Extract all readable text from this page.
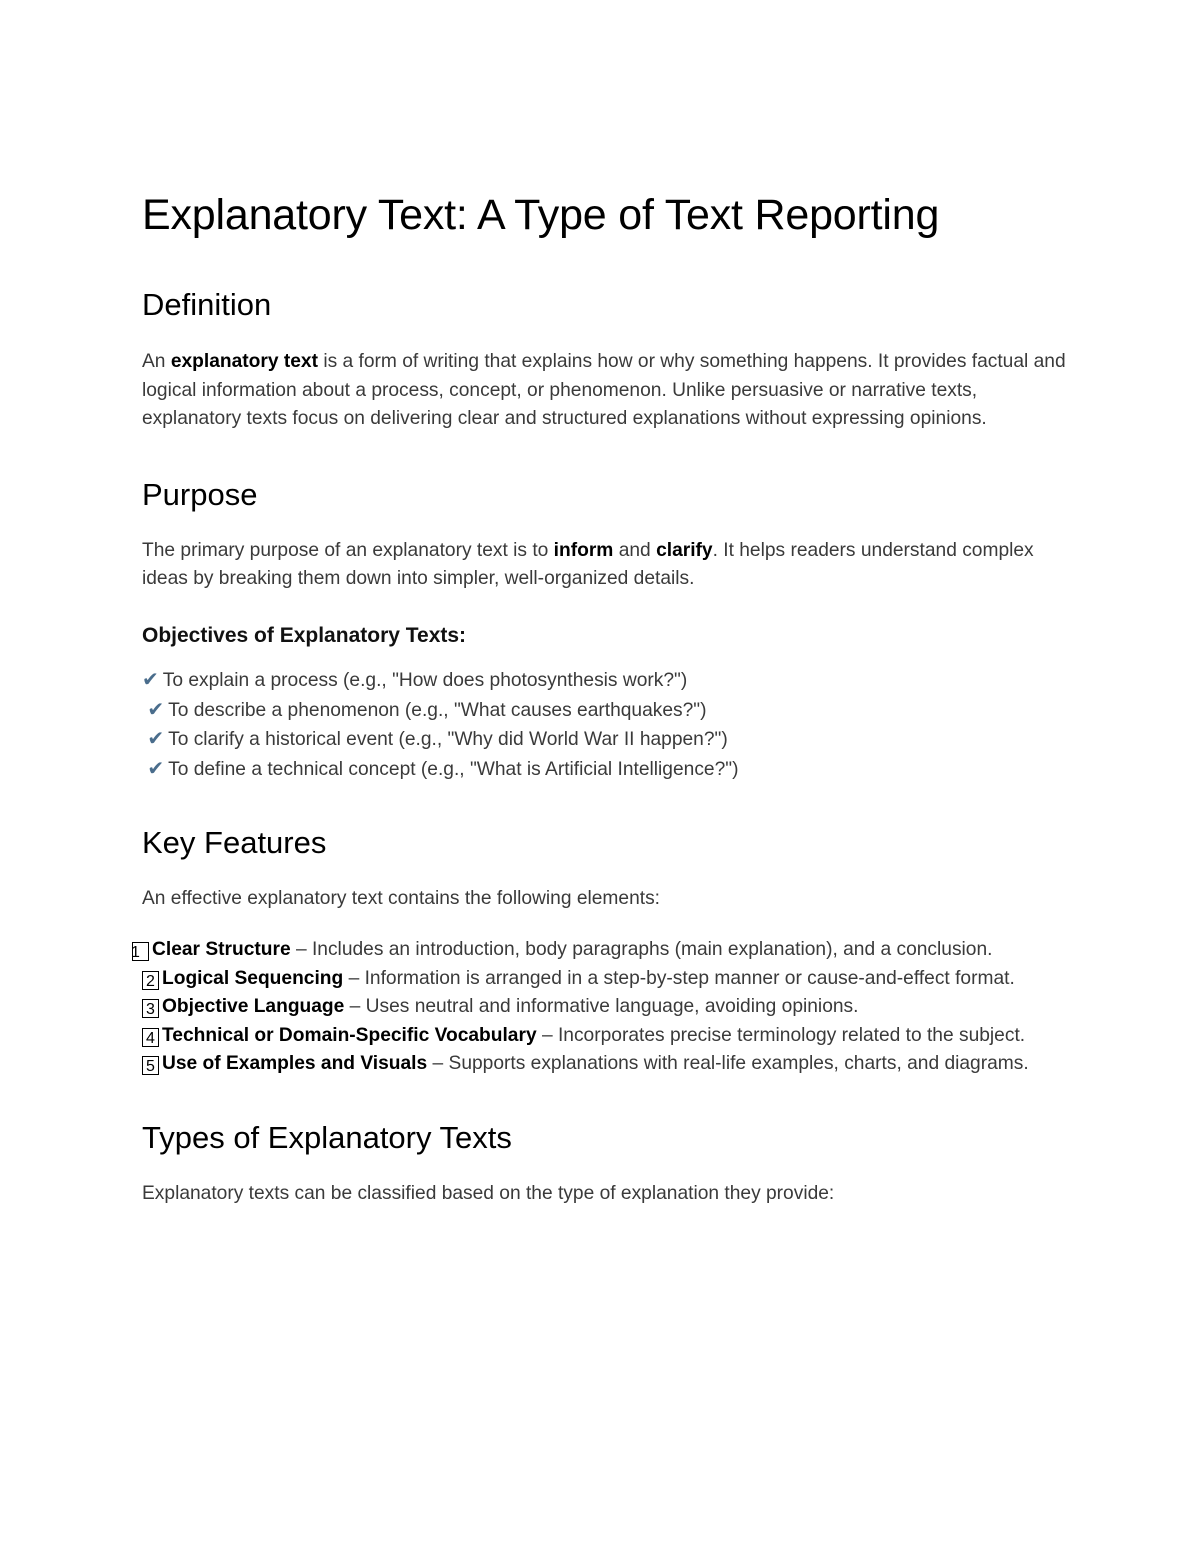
Explanatory Text: A Type of Text Reporting
Definition

An explanatory text is a form of writing that explains how or why something happens. It provides factual and logical information about a process, concept, or phenomenon. Unlike persuasive or narrative texts, explanatory texts focus on delivering clear and structured explanations without expressing opinions.

Purpose

The primary purpose of an explanatory text is to inform and clarify. It helps readers understand complex ideas by breaking them down into simpler, well-organized details.

Objectives of Explanatory Texts:
✔ To explain a process (e.g., "How does photosynthesis work?")
✔ To describe a phenomenon (e.g., "What causes earthquakes?")
✔ To clarify a historical event (e.g., "Why did World War II happen?")
✔ To define a technical concept (e.g., "What is Artificial Intelligence?")
Key Features

An effective explanatory text contains the following elements:

1 Clear Structure – Includes an introduction, body paragraphs (main explanation), and a conclusion.
2 Logical Sequencing – Information is arranged in a step-by-step manner or cause-and-effect format.
3 Objective Language – Uses neutral and informative language, avoiding opinions.
4 Technical or Domain-Specific Vocabulary – Incorporates precise terminology related to the subject.
5 Use of Examples and Visuals – Supports explanations with real-life examples, charts, and diagrams.
Types of Explanatory Texts

Explanatory texts can be classified based on the type of explanation they provide:
